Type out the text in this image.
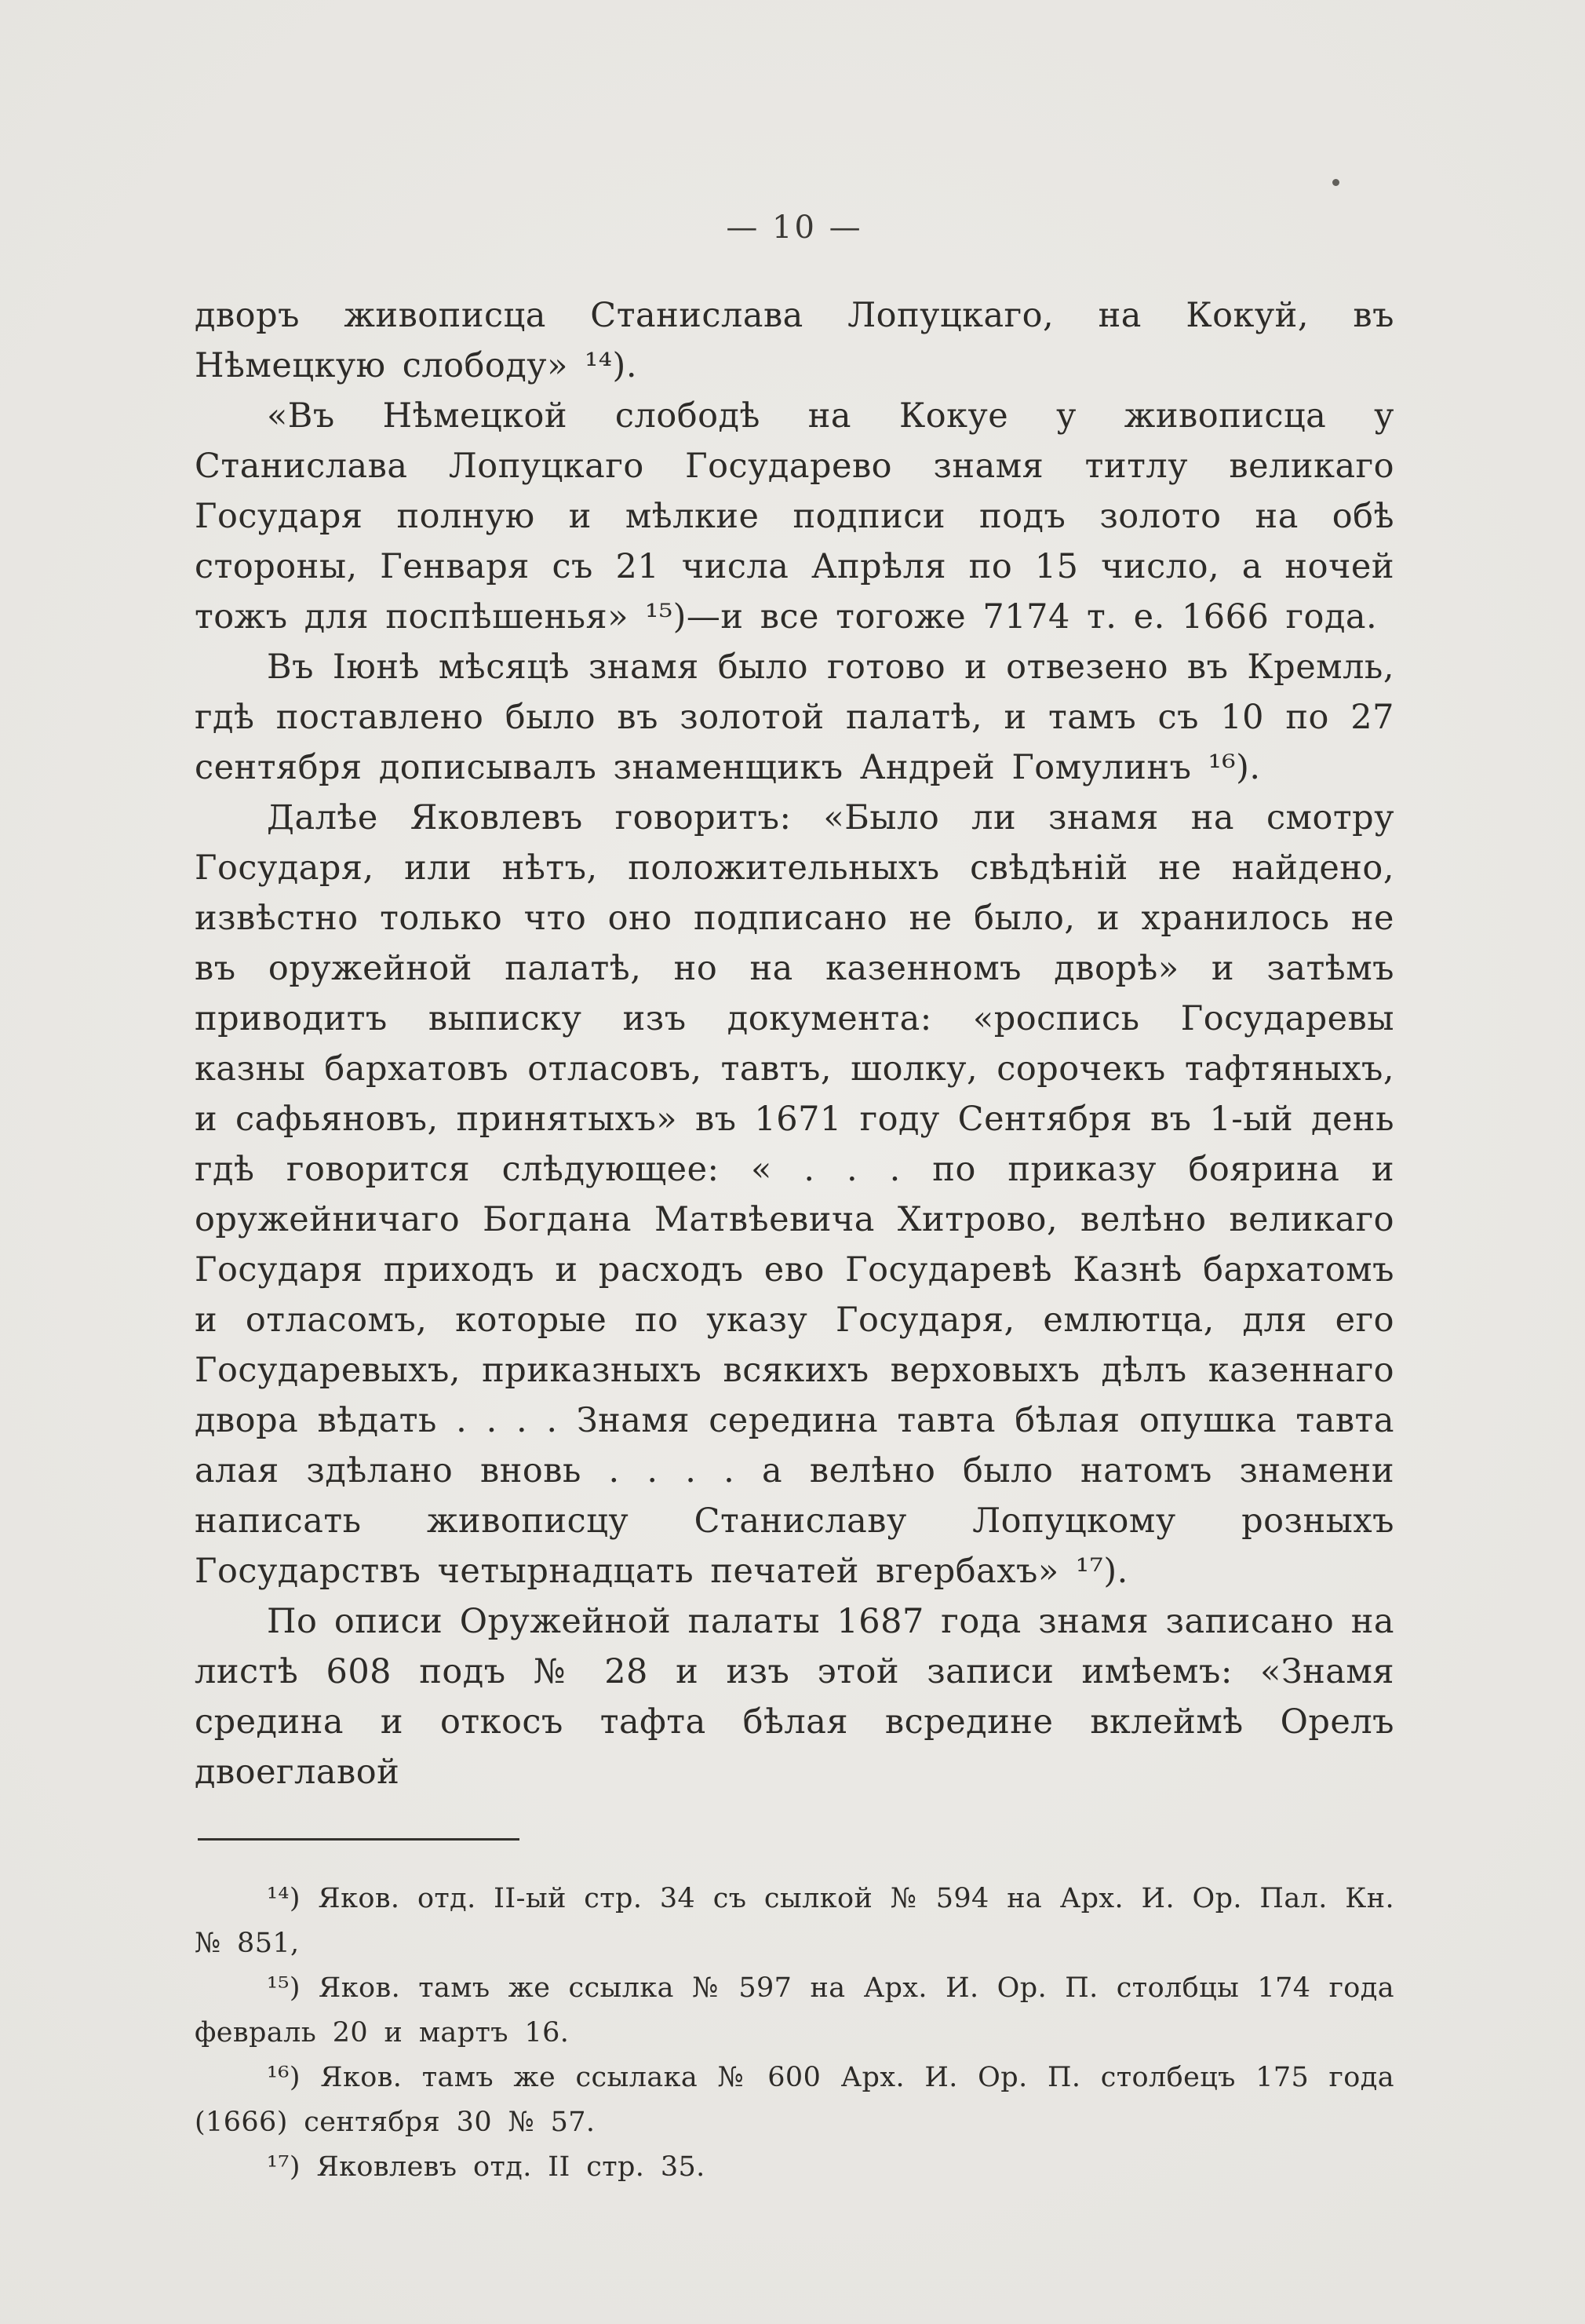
— 10 —

дворъ живописца Станислава Лопуцкаго, на Кокуй, въ Нѣмецкую слободу» ¹⁴).

«Въ Нѣмецкой слободѣ на Кокуе у живописца у Станислава Лопуцкаго Государево знамя титлу великаго Государя полную и мѣлкие подписи подъ золото на обѣ стороны, Генваря съ 21 числа Апрѣля по 15 число, а ночей тожъ для поспѣшенья» ¹⁵)—и все тогоже 7174 т. е. 1666 года.

Въ Іюнѣ мѣсяцѣ знамя было готово и отвезено въ Кремль, гдѣ поставлено было въ золотой палатѣ, и тамъ съ 10 по 27 сентября дописывалъ знаменщикъ Андрей Гомулинъ ¹⁶).

Далѣе Яковлевъ говоритъ: «Было ли знамя на смотру Государя, или нѣтъ, положительныхъ свѣдѣній не найдено, извѣстно только что оно подписано не было, и хранилось не въ оружейной палатѣ, но на казенномъ дворѣ» и затѣмъ приводитъ выписку изъ документа: «роспись Государевы казны бархатовъ отласовъ, тавтъ, шолку, сорочекъ тафтяныхъ, и сафьяновъ, принятыхъ» въ 1671 году Сентября въ 1-ый день гдѣ говорится слѣдующее: « . . . по приказу боярина и оружейничаго Богдана Матвѣевича Хитрово, велѣно великаго Государя приходъ и расходъ ево Государевѣ Казнѣ бархатомъ и отласомъ, которые по указу Государя, емлютца, для его Государевыхъ, приказныхъ всякихъ верховыхъ дѣлъ казеннаго двора вѣдать . . . . Знамя середина тавта бѣлая опушка тавта алая здѣлано вновь . . . . а велѣно было натомъ знамени написать живописцу Станиславу Лопуцкому розныхъ Государствъ четырнадцать печатей вгербахъ» ¹⁷).

По описи Оружейной палаты 1687 года знамя записано на листѣ 608 подъ № 28 и изъ этой записи имѣемъ: «Знамя средина и откосъ тафта бѣлая всредине вклеймѣ Орелъ двоеглавой

¹⁴) Яков. отд. II-ый стр. 34 съ сылкой № 594 на Арх. И. Ор. Пал. Кн. № 851,

¹⁵) Яков. тамъ же ссылка № 597 на Арх. И. Ор. П. столбцы 174 года февраль 20 и мартъ 16.

¹⁶) Яков. тамъ же ссылака № 600 Арх. И. Ор. П. столбецъ 175 года (1666) сентября 30 № 57.

¹⁷) Яковлевъ отд. II стр. 35.
